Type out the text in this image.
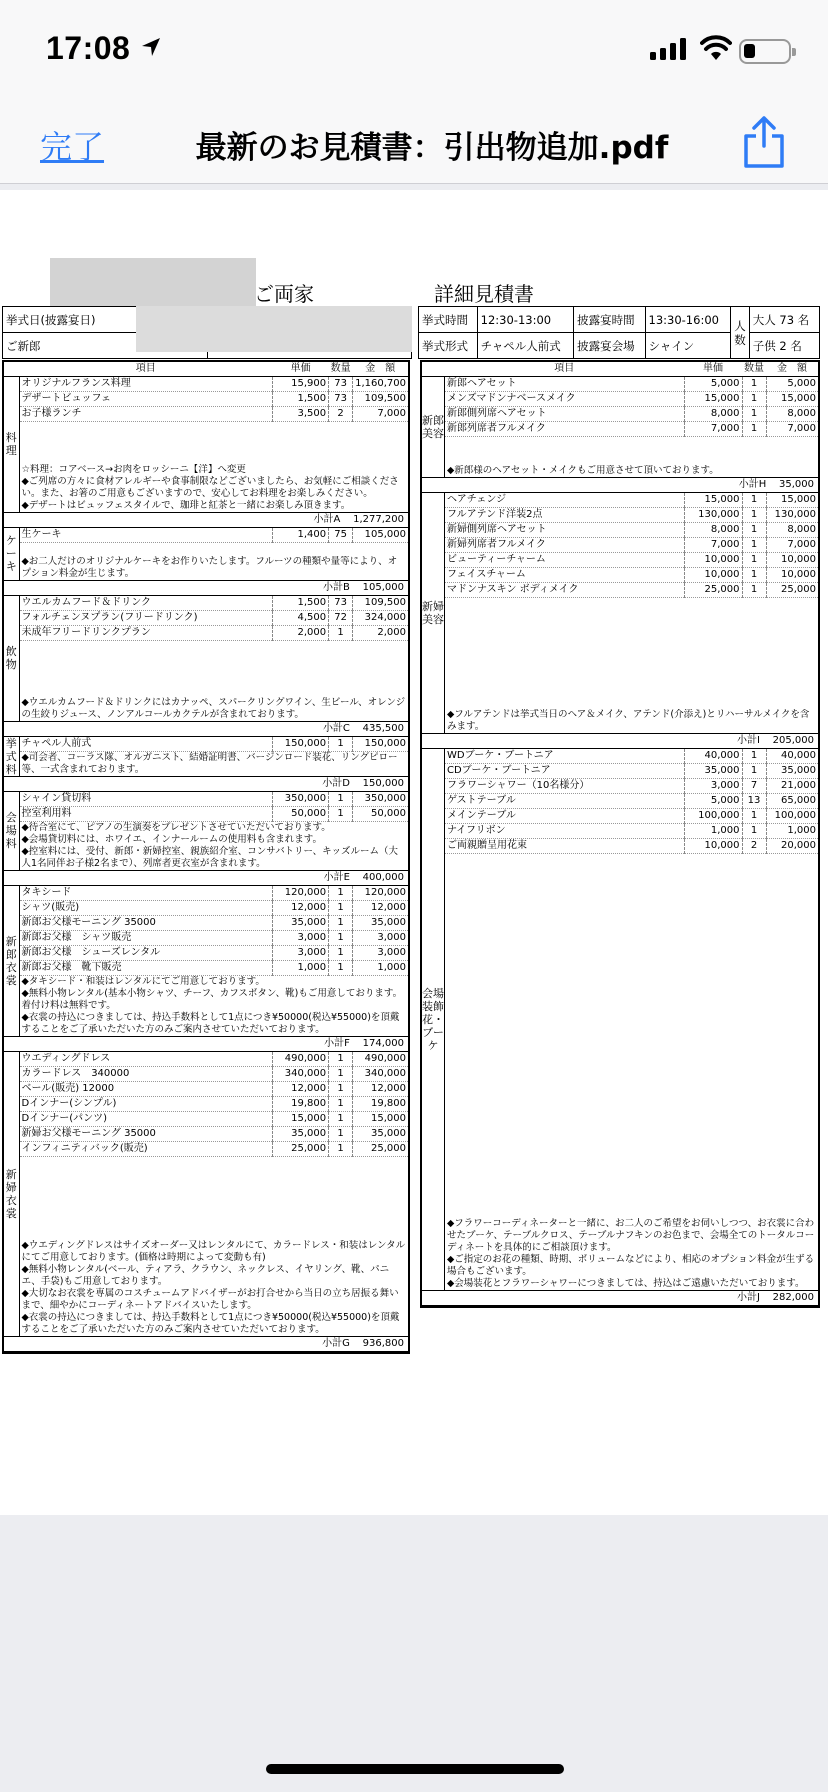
17:08
完了	最新のお見積書：引出物追加.pdf
ご両家	詳細見積書
挙式日(披露宴日)
ご新郎	
挙式時間	12:30-13:00	披露宴時間	13:30-16:00	人数	大人 73 名
挙式形式	チャペル人前式	披露宴会場	シャイン		子供 2 名
	項目	単価	数量	金　額
料理	オリジナルフランス料理	15,900	73	1,160,700
	デザートビュッフェ	1,500	73	109,500
	お子様ランチ	3,500	2	7,000

	☆料理：コアベース→お肉をロッシーニ【洋】へ変更
◆ご列席の方々に食材アレルギーや食事制限などございましたら、お気軽にご相談ください。また、お箸のご用意もございますので、安心してお料理をお楽しみください。
◆デザートはビュッフェスタイルで、珈琲と紅茶と一緒にお楽しみ頂きます。			
小計A 1,277,200				
ケーキ	生ケーキ	1,400	75	105,000

	◆お二人だけのオリジナルケーキをお作りいたします。フルーツの種類や量等により、オプション料金が生じます。			
小計B 105,000				
飲物	ウエルカムフード＆ドリンク	1,500	73	109,500
	フォルチェンヌプラン(フリードリンク)	4,500	72	324,000
	未成年フリードリンクプラン	2,000	1	2,000

	◆ウエルカムフード＆ドリンクにはカナッペ、スパークリングワイン、生ビール、オレンジの生絞りジュース、ノンアルコールカクテルが含まれております。			
小計C 435,500				
挙式料	チャペル人前式	150,000	1	150,000
	◆司会者、コーラス隊、オルガニスト、結婚証明書、バージンロード装花、リングピロー等、一式含まれております。			
小計D 150,000				
会場料	シャイン貸切料	350,000	1	350,000
	控室利用料	50,000	1	50,000
	◆待合室にて、ピアノの生演奏をプレゼントさせていただいております。
◆会場貸切料には、ホワイエ、インナールームの使用料も含まれます。
◆控室料には、受付、新郎・新婦控室、親族紹介室、コンサバトリー、キッズルーム（大人1名同伴お子様2名まで）、列席者更衣室が含まれます。			
小計E 400,000				
新郎衣裳	タキシード	120,000	1	120,000
	シャツ(販売)	12,000	1	12,000
	新郎お父様モーニング 35000	35,000	1	35,000
	新郎お父様　シャツ販売	3,000	1	3,000
	新郎お父様　シューズレンタル	3,000	1	3,000
	新郎お父様　靴下販売	1,000	1	1,000
	◆タキシード・和装はレンタルにてご用意しております。
◆無料小物レンタル(基本小物シャツ、チーフ、カフスボタン、靴)もご用意しております。着付け料は無料です。
◆衣裳の持込につきましては、持込手数料として1点につき¥50000(税込¥55000)を頂戴することをご了承いただいた方のみご案内させていただいております。			
小計F 174,000				
新婦衣裳	ウエディングドレス	490,000	1	490,000
	カラードレス　340000	340,000	1	340,000
	ベール(販売) 12000	12,000	1	12,000
	Dインナー(シンプル)	19,800	1	19,800
	Dインナー(パンツ)	15,000	1	15,000
	新婦お父様モーニング 35000	35,000	1	35,000
	インフィニティバック(販売)	25,000	1	25,000

	◆ウエディングドレスはサイズオーダー又はレンタルにて、カラードレス・和装はレンタルにてご用意しております。(価格は時期によって変動も有)
◆無料小物レンタル(ベール、ティアラ、クラウン、ネックレス、イヤリング、靴、パニエ、手袋)もご用意しております。
◆大切なお衣裳を専属のコスチュームアドバイザーがお打合せから当日の立ち居振る舞いまで、細やかにコーディネートアドバイスいたします。
◆衣裳の持込につきましては、持込手数料として1点につき¥50000(税込¥55000)を頂戴することをご了承いただいた方のみご案内させていただいております。			
小計G 936,800				
	項目	単価	数量	金　額
新郎美容	新郎ヘアセット	5,000	1	5,000
	メンズマドンナベースメイク	15,000	1	15,000
	新郎側列席ヘアセット	8,000	1	8,000
	新郎列席者フルメイク	7,000	1	7,000

	◆新郎様のヘアセット・メイクもご用意させて頂いております。			
小計H 35,000				
新婦美容	ヘアチェンジ	15,000	1	15,000
	フルアテンド洋装2点	130,000	1	130,000
	新婦側列席ヘアセット	8,000	1	8,000
	新婦列席者フルメイク	7,000	1	7,000
	ビューティーチャーム	10,000	1	10,000
	フェイスチャーム	10,000	1	10,000
	マドンナスキン ボディメイク	25,000	1	25,000

	◆フルアテンドは挙式当日のヘア＆メイク、アテンド(介添え)とリハーサルメイクを含みます。			
小計I 205,000				
会場装飾花・ブーケ	WDブーケ・ブートニア	40,000	1	40,000
	CDブーケ・ブートニア	35,000	1	35,000
	フラワーシャワー（10名様分）	3,000	7	21,000
	ゲストテーブル	5,000	13	65,000
	メインテーブル	100,000	1	100,000
	ナイフリボン	1,000	1	1,000
	ご両親贈呈用花束	10,000	2	20,000

	◆フラワーコーディネーターと一緒に、お二人のご希望をお伺いしつつ、お衣裳に合わせたブーケ、テーブルクロス、テーブルナフキンのお色まで、会場全てのトータルコーディネートを具体的にご相談頂けます。
◆ご指定のお花の種類、時期、ボリュームなどにより、相応のオプション料金が生ずる場合もございます。
◆会場装花とフラワーシャワーにつきましては、持込はご遠慮いただいております。			
小計J 282,000				
